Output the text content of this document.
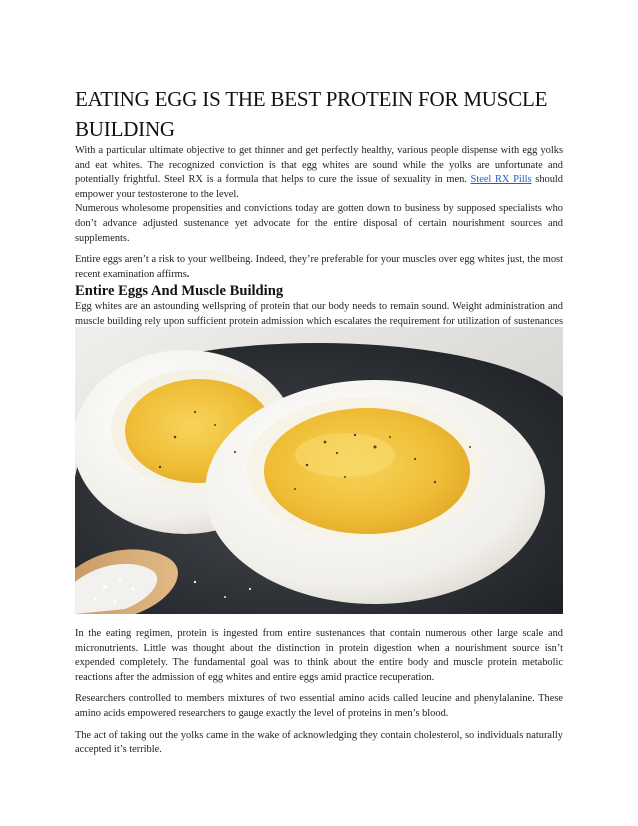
EATING EGG IS THE BEST PROTEIN FOR MUSCLE BUILDING

With a particular ultimate objective to get thinner and get perfectly healthy, various people dispense with egg yolks and eat whites. The recognized conviction is that egg whites are sound while the yolks are unfortunate and potentially frightful. Steel RX is a formula that helps to cure the issue of sexuality in men. Steel RX Pills should empower your testosterone to the level.

Numerous wholesome propensities and convictions today are gotten down to business by supposed specialists who don’t advance adjusted sustenance yet advocate for the entire disposal of certain nourishment sources and supplements.

Entire eggs aren’t a risk to your wellbeing. Indeed, they’re preferable for your muscles over egg whites just, the most recent examination affirms.

Entire Eggs And Muscle Building

Egg whites are an astounding wellspring of protein that our body needs to remain sound. Weight administration and muscle building rely upon sufficient protein admission which escalates the requirement for utilization of sustenances

In the eating regimen, protein is ingested from entire sustenances that contain numerous other large scale and micronutrients. Little was thought about the distinction in protein digestion when a nourishment source isn’t expended completely. The fundamental goal was to think about the entire body and muscle protein metabolic reactions after the admission of egg whites and entire eggs amid practice recuperation.

Researchers controlled to members mixtures of two essential amino acids called leucine and phenylalanine. These amino acids empowered researchers to gauge exactly the level of proteins in men’s blood.

The act of taking out the yolks came in the wake of acknowledging they contain cholesterol, so individuals naturally accepted it’s terrible.
